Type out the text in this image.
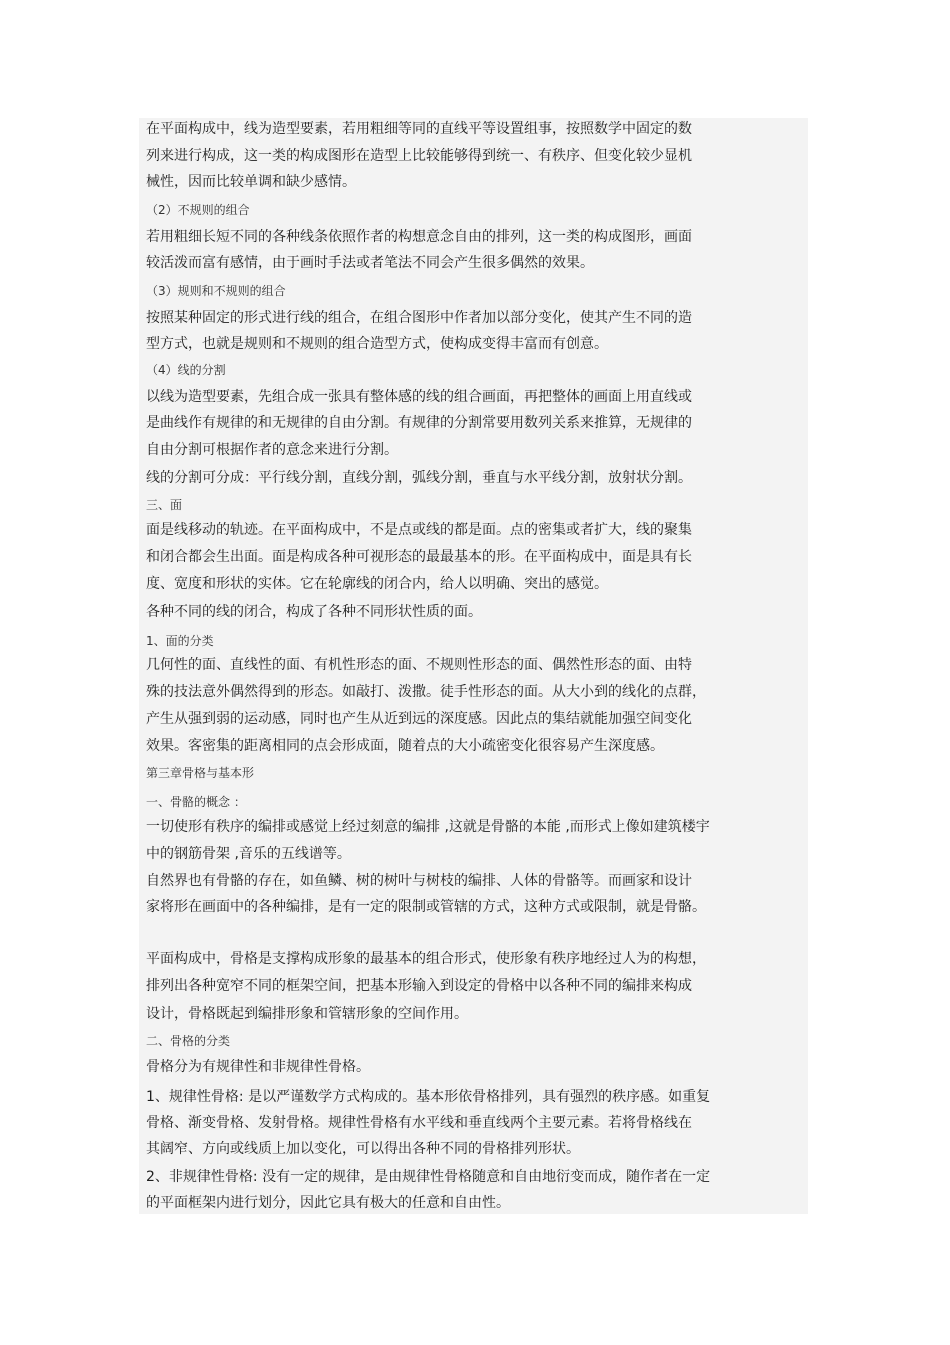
在平面构成中，线为造型要素，若用粗细等同的直线平等设置组事，按照数学中固定的数
列来进行构成，这一类的构成图形在造型上比较能够得到统一、有秩序、但变化较少显机
械性，因而比较单调和缺少感情。
（2）不规则的组合
若用粗细长短不同的各种线条依照作者的构想意念自由的排列，这一类的构成图形，画面
较活泼而富有感情，由于画时手法或者笔法不同会产生很多偶然的效果。
（3）规则和不规则的组合
按照某种固定的形式进行线的组合，在组合图形中作者加以部分变化，使其产生不同的造
型方式，也就是规则和不规则的组合造型方式，使构成变得丰富而有创意。
（4）线的分割
以线为造型要素，先组合成一张具有整体感的线的组合画面，再把整体的画面上用直线或
是曲线作有规律的和无规律的自由分割。有规律的分割常要用数列关系来推算，无规律的
自由分割可根据作者的意念来进行分割。
线的分割可分成：平行线分割，直线分割，弧线分割，垂直与水平线分割，放射状分割。
三、面
面是线移动的轨迹。在平面构成中，不是点或线的都是面。点的密集或者扩大，线的聚集
和闭合都会生出面。面是构成各种可视形态的最最基本的形。在平面构成中，面是具有长
度、宽度和形状的实体。它在轮廓线的闭合内，给人以明确、突出的感觉。
各种不同的线的闭合，构成了各种不同形状性质的面。
1、面的分类
几何性的面、直线性的面、有机性形态的面、不规则性形态的面、偶然性形态的面、由特
殊的技法意外偶然得到的形态。如敲打、泼撒。徒手性形态的面。从大小到的线化的点群，
产生从强到弱的运动感，同时也产生从近到远的深度感。因此点的集结就能加强空间变化
效果。客密集的距离相同的点会形成面，随着点的大小疏密变化很容易产生深度感。
第三章骨格与基本形
一、骨骼的概念 ：
一切使形有秩序的编排或感觉上经过刻意的编排 ,这就是骨骼的本能 ,而形式上像如建筑楼宇
中的钢筋骨架 ,音乐的五线谱等。
自然界也有骨骼的存在，如鱼鳞、树的树叶与树枝的编排、人体的骨骼等。而画家和设计
家将形在画面中的各种编排，是有一定的限制或管辖的方式，这种方式或限制，就是骨骼。
平面构成中，骨格是支撑构成形象的最基本的组合形式，使形象有秩序地经过人为的构想，
排列出各种宽窄不同的框架空间，把基本形输入到设定的骨格中以各种不同的编排来构成
设计，骨格既起到编排形象和管辖形象的空间作用。
二、骨格的分类
骨格分为有规律性和非规律性骨格。
1、规律性骨格: 是以严谨数学方式构成的。基本形依骨格排列，具有强烈的秩序感。如重复
骨格、渐变骨格、发射骨格。规律性骨格有水平线和垂直线两个主要元素。若将骨格线在
其阔窄、方向或线质上加以变化，可以得出各种不同的骨格排列形状。
2、非规律性骨格: 没有一定的规律，是由规律性骨格随意和自由地衍变而成，随作者在一定
的平面框架内进行划分，因此它具有极大的任意和自由性。
